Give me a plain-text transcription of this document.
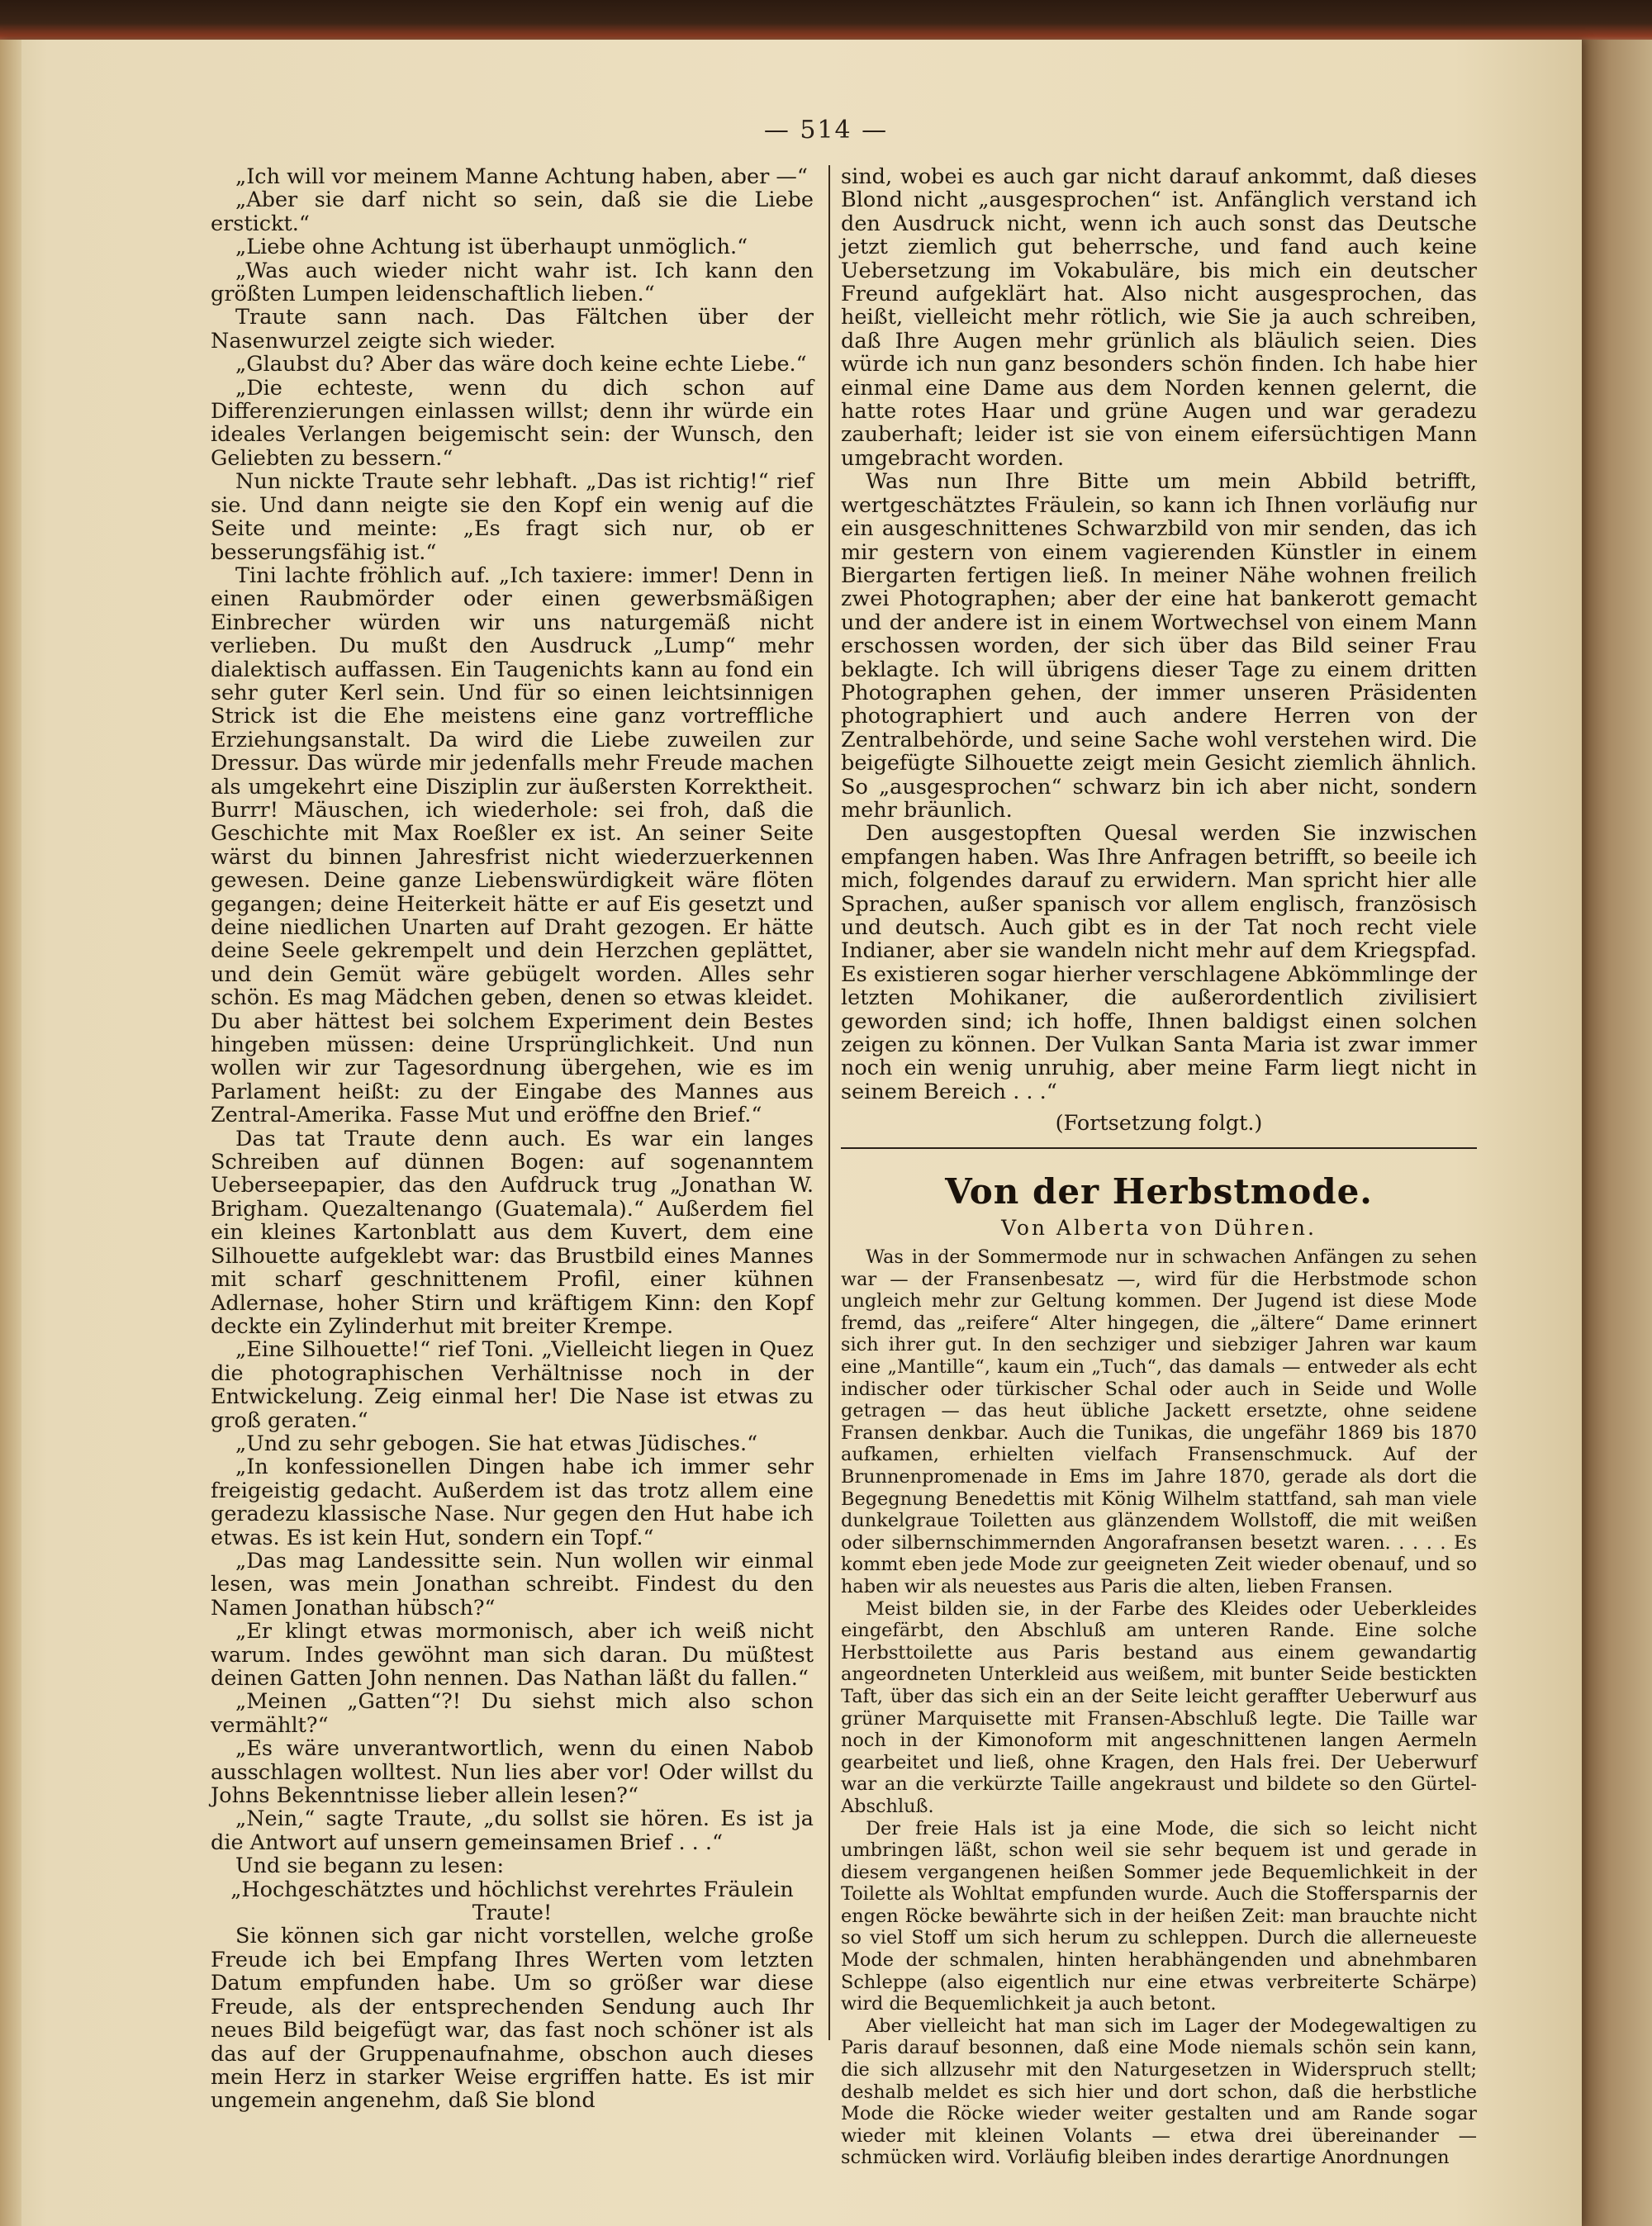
— 514 —

„Ich will vor meinem Manne Achtung haben, aber —“

„Aber sie darf nicht so sein, daß sie die Liebe erstickt.“

„Liebe ohne Achtung ist überhaupt unmöglich.“

„Was auch wieder nicht wahr ist. Ich kann den größten Lumpen leidenschaftlich lieben.“

Traute sann nach. Das Fältchen über der Nasenwurzel zeigte sich wieder.

„Glaubst du? Aber das wäre doch keine echte Liebe.“

„Die echteste, wenn du dich schon auf Differenzierungen einlassen willst; denn ihr würde ein ideales Verlangen beigemischt sein: der Wunsch, den Geliebten zu bessern.“

Nun nickte Traute sehr lebhaft. „Das ist richtig!“ rief sie. Und dann neigte sie den Kopf ein wenig auf die Seite und meinte: „Es fragt sich nur, ob er besserungsfähig ist.“

Tini lachte fröhlich auf. „Ich taxiere: immer! Denn in einen Raubmörder oder einen gewerbsmäßigen Einbrecher würden wir uns naturgemäß nicht verlieben. Du mußt den Ausdruck „Lump“ mehr dialektisch auffassen. Ein Taugenichts kann au fond ein sehr guter Kerl sein. Und für so einen leichtsinnigen Strick ist die Ehe meistens eine ganz vortreffliche Erziehungsanstalt. Da wird die Liebe zuweilen zur Dressur. Das würde mir jedenfalls mehr Freude machen als umgekehrt eine Disziplin zur äußersten Korrektheit. Burrr! Mäuschen, ich wiederhole: sei froh, daß die Geschichte mit Max Roeßler ex ist. An seiner Seite wärst du binnen Jahresfrist nicht wiederzuerkennen gewesen. Deine ganze Liebenswürdigkeit wäre flöten gegangen; deine Heiterkeit hätte er auf Eis gesetzt und deine niedlichen Unarten auf Draht gezogen. Er hätte deine Seele gekrempelt und dein Herzchen geplättet, und dein Gemüt wäre gebügelt worden. Alles sehr schön. Es mag Mädchen geben, denen so etwas kleidet. Du aber hättest bei solchem Experiment dein Bestes hingeben müssen: deine Ursprünglichkeit. Und nun wollen wir zur Tagesordnung übergehen, wie es im Parlament heißt: zu der Eingabe des Mannes aus Zentral-Amerika. Fasse Mut und eröffne den Brief.“

Das tat Traute denn auch. Es war ein langes Schreiben auf dünnen Bogen: auf sogenanntem Ueberseepapier, das den Aufdruck trug „Jonathan W. Brigham. Quezaltenango (Guatemala).“ Außerdem fiel ein kleines Kartonblatt aus dem Kuvert, dem eine Silhouette aufgeklebt war: das Brustbild eines Mannes mit scharf geschnittenem Profil, einer kühnen Adlernase, hoher Stirn und kräftigem Kinn: den Kopf deckte ein Zylinderhut mit breiter Krempe.

„Eine Silhouette!“ rief Toni. „Vielleicht liegen in Quez die photographischen Verhältnisse noch in der Entwickelung. Zeig einmal her! Die Nase ist etwas zu groß geraten.“

„Und zu sehr gebogen. Sie hat etwas Jüdisches.“

„In konfessionellen Dingen habe ich immer sehr freigeistig gedacht. Außerdem ist das trotz allem eine geradezu klassische Nase. Nur gegen den Hut habe ich etwas. Es ist kein Hut, sondern ein Topf.“

„Das mag Landessitte sein. Nun wollen wir einmal lesen, was mein Jonathan schreibt. Findest du den Namen Jonathan hübsch?“

„Er klingt etwas mormonisch, aber ich weiß nicht warum. Indes gewöhnt man sich daran. Du müßtest deinen Gatten John nennen. Das Nathan läßt du fallen.“

„Meinen „Gatten“?! Du siehst mich also schon vermählt?“

„Es wäre unverantwortlich, wenn du einen Nabob ausschlagen wolltest. Nun lies aber vor! Oder willst du Johns Bekenntnisse lieber allein lesen?“

„Nein,“ sagte Traute, „du sollst sie hören. Es ist ja die Antwort auf unsern gemeinsamen Brief . . .“

Und sie begann zu lesen:

„Hochgeschätztes und höchlichst verehrtes Fräulein Traute!

Sie können sich gar nicht vorstellen, welche große Freude ich bei Empfang Ihres Werten vom letzten Datum empfunden habe. Um so größer war diese Freude, als der entsprechenden Sendung auch Ihr neues Bild beigefügt war, das fast noch schöner ist als das auf der Gruppenaufnahme, obschon auch dieses mein Herz in starker Weise ergriffen hatte. Es ist mir ungemein angenehm, daß Sie blond

sind, wobei es auch gar nicht darauf ankommt, daß dieses Blond nicht „ausgesprochen“ ist. Anfänglich verstand ich den Ausdruck nicht, wenn ich auch sonst das Deutsche jetzt ziemlich gut beherrsche, und fand auch keine Uebersetzung im Vokabuläre, bis mich ein deutscher Freund aufgeklärt hat. Also nicht ausgesprochen, das heißt, vielleicht mehr rötlich, wie Sie ja auch schreiben, daß Ihre Augen mehr grünlich als bläulich seien. Dies würde ich nun ganz besonders schön finden. Ich habe hier einmal eine Dame aus dem Norden kennen gelernt, die hatte rotes Haar und grüne Augen und war geradezu zauberhaft; leider ist sie von einem eifersüchtigen Mann umgebracht worden.

Was nun Ihre Bitte um mein Abbild betrifft, wertgeschätztes Fräulein, so kann ich Ihnen vorläufig nur ein ausgeschnittenes Schwarzbild von mir senden, das ich mir gestern von einem vagierenden Künstler in einem Biergarten fertigen ließ. In meiner Nähe wohnen freilich zwei Photographen; aber der eine hat bankerott gemacht und der andere ist in einem Wortwechsel von einem Mann erschossen worden, der sich über das Bild seiner Frau beklagte. Ich will übrigens dieser Tage zu einem dritten Photographen gehen, der immer unseren Präsidenten photographiert und auch andere Herren von der Zentralbehörde, und seine Sache wohl verstehen wird. Die beigefügte Silhouette zeigt mein Gesicht ziemlich ähnlich. So „ausgesprochen“ schwarz bin ich aber nicht, sondern mehr bräunlich.

Den ausgestopften Quesal werden Sie inzwischen empfangen haben. Was Ihre Anfragen betrifft, so beeile ich mich, folgendes darauf zu erwidern. Man spricht hier alle Sprachen, außer spanisch vor allem englisch, französisch und deutsch. Auch gibt es in der Tat noch recht viele Indianer, aber sie wandeln nicht mehr auf dem Kriegspfad. Es existieren sogar hierher verschlagene Abkömmlinge der letzten Mohikaner, die außerordentlich zivilisiert geworden sind; ich hoffe, Ihnen baldigst einen solchen zeigen zu können. Der Vulkan Santa Maria ist zwar immer noch ein wenig unruhig, aber meine Farm liegt nicht in seinem Bereich . . .“

(Fortsetzung folgt.)

Von der Herbstmode.
Von Alberta von Dühren.

Was in der Sommermode nur in schwachen Anfängen zu sehen war — der Fransenbesatz —, wird für die Herbstmode schon ungleich mehr zur Geltung kommen. Der Jugend ist diese Mode fremd, das „reifere“ Alter hingegen, die „ältere“ Dame erinnert sich ihrer gut. In den sechziger und siebziger Jahren war kaum eine „Mantille“, kaum ein „Tuch“, das damals — entweder als echt indischer oder türkischer Schal oder auch in Seide und Wolle getragen — das heut übliche Jackett ersetzte, ohne seidene Fransen denkbar. Auch die Tunikas, die ungefähr 1869 bis 1870 aufkamen, erhielten vielfach Fransenschmuck. Auf der Brunnenpromenade in Ems im Jahre 1870, gerade als dort die Begegnung Benedettis mit König Wilhelm stattfand, sah man viele dunkelgraue Toiletten aus glänzendem Wollstoff, die mit weißen oder silbernschimmernden Angorafransen besetzt waren. . . . . Es kommt eben jede Mode zur geeigneten Zeit wieder obenauf, und so haben wir als neuestes aus Paris die alten, lieben Fransen.

Meist bilden sie, in der Farbe des Kleides oder Ueberkleides eingefärbt, den Abschluß am unteren Rande. Eine solche Herbsttoilette aus Paris bestand aus einem gewandartig angeordneten Unterkleid aus weißem, mit bunter Seide bestickten Taft, über das sich ein an der Seite leicht geraffter Ueberwurf aus grüner Marquisette mit Fransen-Abschluß legte. Die Taille war noch in der Kimonoform mit angeschnittenen langen Aermeln gearbeitet und ließ, ohne Kragen, den Hals frei. Der Ueberwurf war an die verkürzte Taille angekraust und bildete so den Gürtel-Abschluß.

Der freie Hals ist ja eine Mode, die sich so leicht nicht umbringen läßt, schon weil sie sehr bequem ist und gerade in diesem vergangenen heißen Sommer jede Bequemlichkeit in der Toilette als Wohltat empfunden wurde. Auch die Stoffersparnis der engen Röcke bewährte sich in der heißen Zeit: man brauchte nicht so viel Stoff um sich herum zu schleppen. Durch die allerneueste Mode der schmalen, hinten herabhängenden und abnehmbaren Schleppe (also eigentlich nur eine etwas verbreiterte Schärpe) wird die Bequemlichkeit ja auch betont.

Aber vielleicht hat man sich im Lager der Modegewaltigen zu Paris darauf besonnen, daß eine Mode niemals schön sein kann, die sich allzusehr mit den Naturgesetzen in Widerspruch stellt; deshalb meldet es sich hier und dort schon, daß die herbstliche Mode die Röcke wieder weiter gestalten und am Rande sogar wieder mit kleinen Volants — etwa drei übereinander — schmücken wird. Vorläufig bleiben indes derartige Anordnungen
